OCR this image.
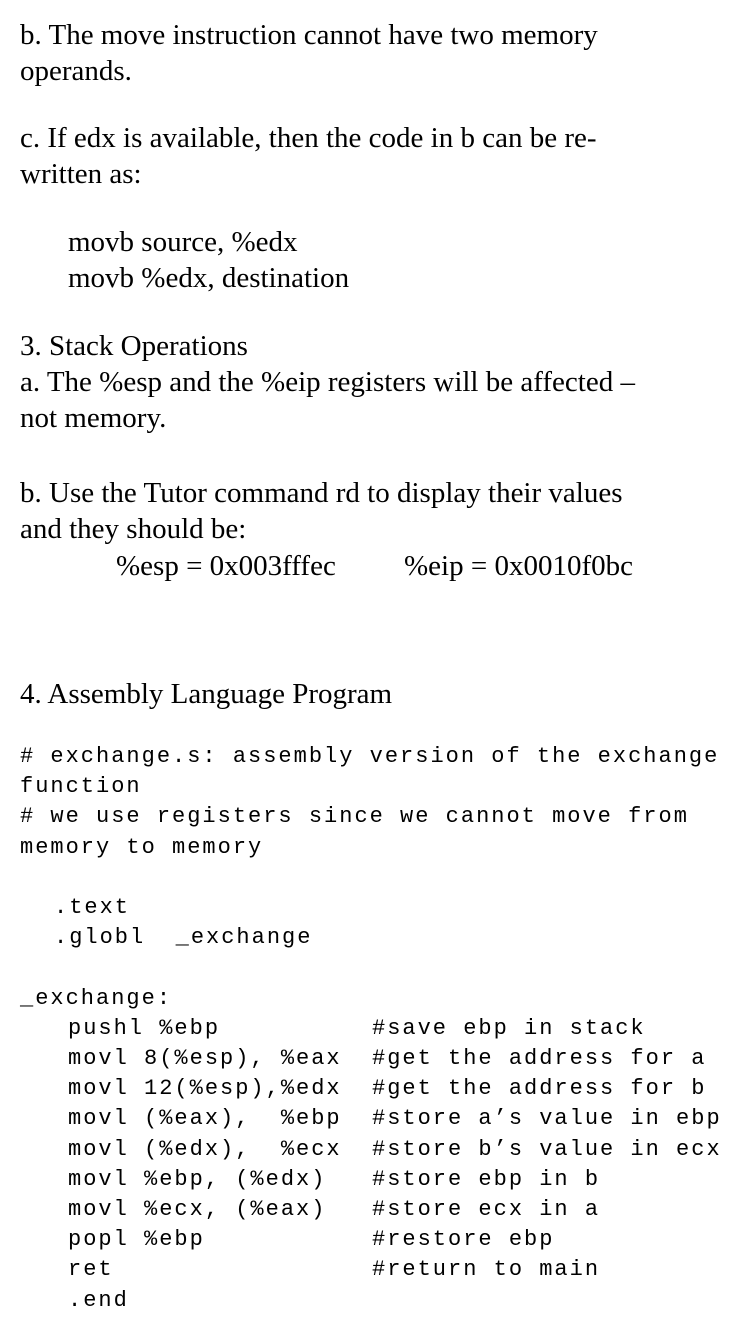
b. The move instruction cannot have two memory
operands.
c. If edx is available, then the code in b can be re-
written as:
movb source, %edx
movb %edx, destination
3. Stack Operations
a. The %esp and the %eip registers will be affected –
not memory.
b. Use the Tutor command rd to display their values
and they should be:
%esp = 0x003fffec %eip = 0x0010f0bc
4. Assembly Language Program
# exchange.s: assembly version of the exchange
function
# we use registers since we cannot move from
memory to memory
.text
.globl  _exchange
_exchange:
pushl %ebp	#save ebp in stack
movl 8(%esp), %eax #get the address for a
movl 12(%esp),%edx #get the address for b
movl (%eax),  %ebp #store a’s value in ebp
movl (%edx),  %ecx #store b’s value in ecx
movl %ebp, (%edx) #store ebp in b
movl %ecx, (%eax) #store ecx in a
popl %ebp	#restore ebp
ret	#return to main
.end
